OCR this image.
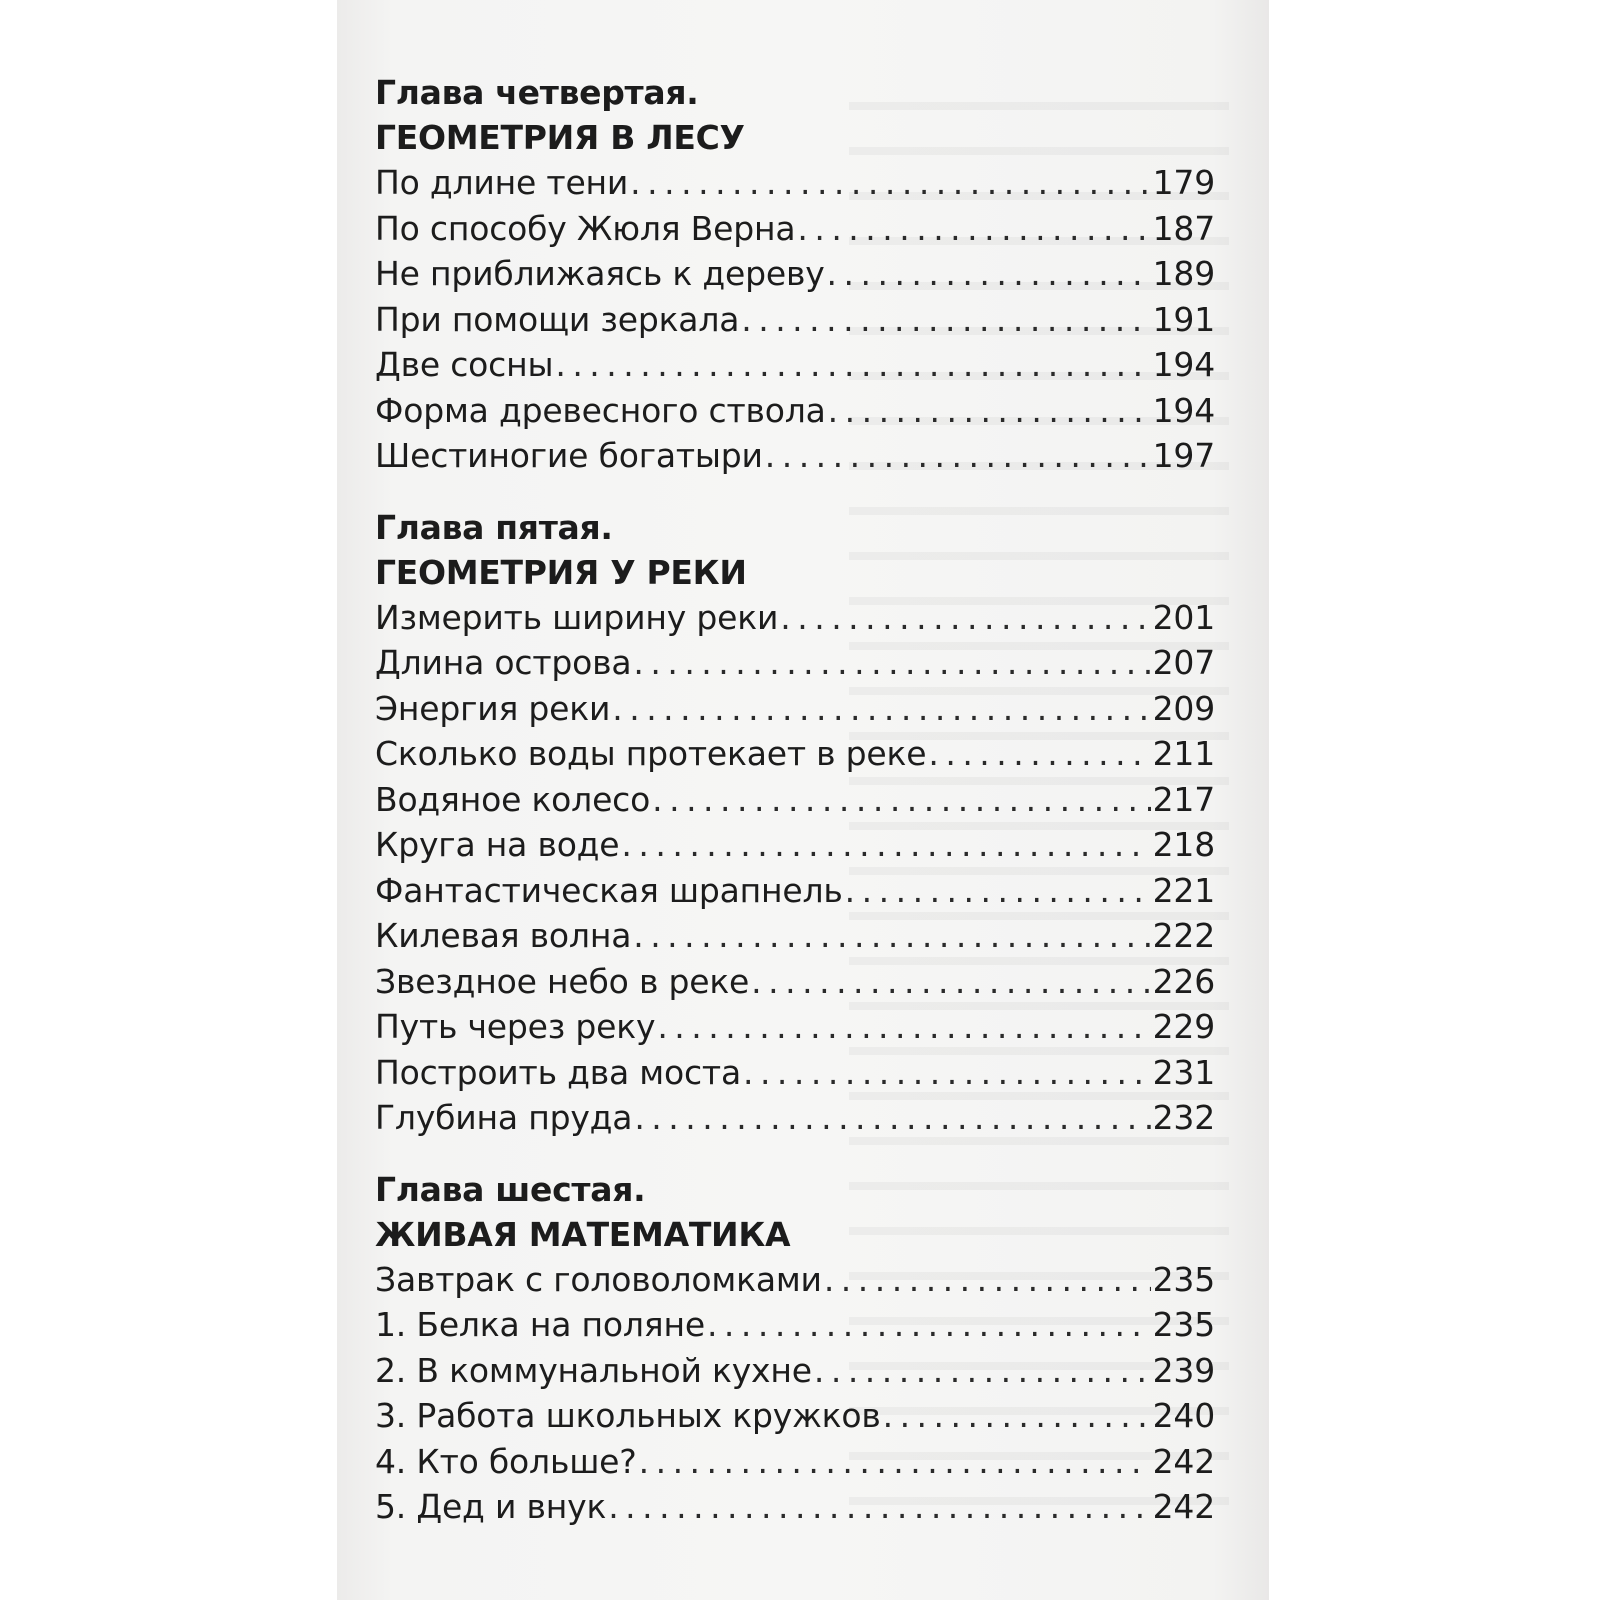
Глава четвертая.
ГЕОМЕТРИЯ В ЛЕСУ
По длине тени . . .	179
По способу Жюля Верна . . .	187
Не приближаясь к дереву . . .	189
При помощи зеркала . . .	191
Две сосны . . .	194
Форма древесного ствола . . .	194
Шестиногие богатыри . . .	197
Глава пятая.
ГЕОМЕТРИЯ У РЕКИ
Измерить ширину реки . . .	201
Длина острова . . .	207
Энергия реки . . .	209
Сколько воды протекает в реке . . .	211
Водяное колесо . . .	217
Круга на воде . . .	218
Фантастическая шрапнель . . .	221
Килевая волна . . .	222
Звездное небо в реке . . .	226
Путь через реку . . .	229
Построить два моста . . .	231
Глубина пруда . . .	232
Глава шестая.
ЖИВАЯ МАТЕМАТИКА
Завтрак с головоломками . . .	235
1. Белка на поляне . . .	235
2. В коммунальной кухне . . .	239
3. Работа школьных кружков . . .	240
4. Кто больше? . . .	242
5. Дед и внук . . .	242
